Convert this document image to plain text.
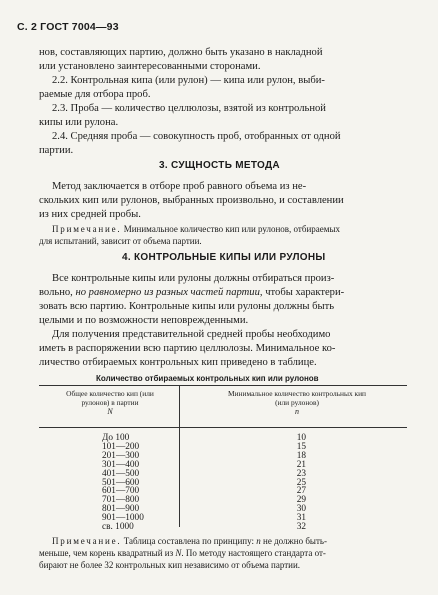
С. 2 ГОСТ 7004—93
нов, составляющих партию, должно быть указано в накладной
или установлено заинтересованными сторонами.
2.2. Контрольная кипа (или рулон) — кипа или рулон, выби-
раемые для отбора проб.
2.3. Проба — количество целлюлозы, взятой из контрольной
кипы или рулона.
2.4. Средняя проба — совокупность проб, отобранных от одной
партии.
3. СУЩНОСТЬ МЕТОДА
Метод заключается в отборе проб равного объема из не-
скольких кип или рулонов, выбранных произвольно, и составлении
из них средней пробы.
Примечание. Минимальное количество кип или рулонов, отбираемых
для испытаний, зависит от объема партии.
4. КОНТРОЛЬНЫЕ КИПЫ ИЛИ РУЛОНЫ
Все контрольные кипы или рулоны должны отбираться произ-
вольно, но равномерно из разных частей партии, чтобы характери-
зовать всю партию. Контрольные кипы или рулоны должны быть
целыми и по возможности неповрежденными.
Для получения представительной средней пробы необходимо
иметь в распоряжении всю партию целлюлозы. Минимальное ко-
личество отбираемых контрольных кип приведено в таблице.
Количество отбираемых контрольных кип или рулонов
Общее количество кип (или рулонов) в партии
N
Минимальное количество контрольных кип (или рулонов)
n
До 100	10
101—200	15
201—300	18
301—400	21
401—500	23
501—600	25
601—700	27
701—800	29
801—900	30
901—1000	31
св. 1000	32
Примечание. Таблица составлена по принципу: n не должно быть-
меньше, чем корень квадратный из N. По методу настоящего стандарта от-
бирают не более 32 контрольных кип независимо от объема партии.
